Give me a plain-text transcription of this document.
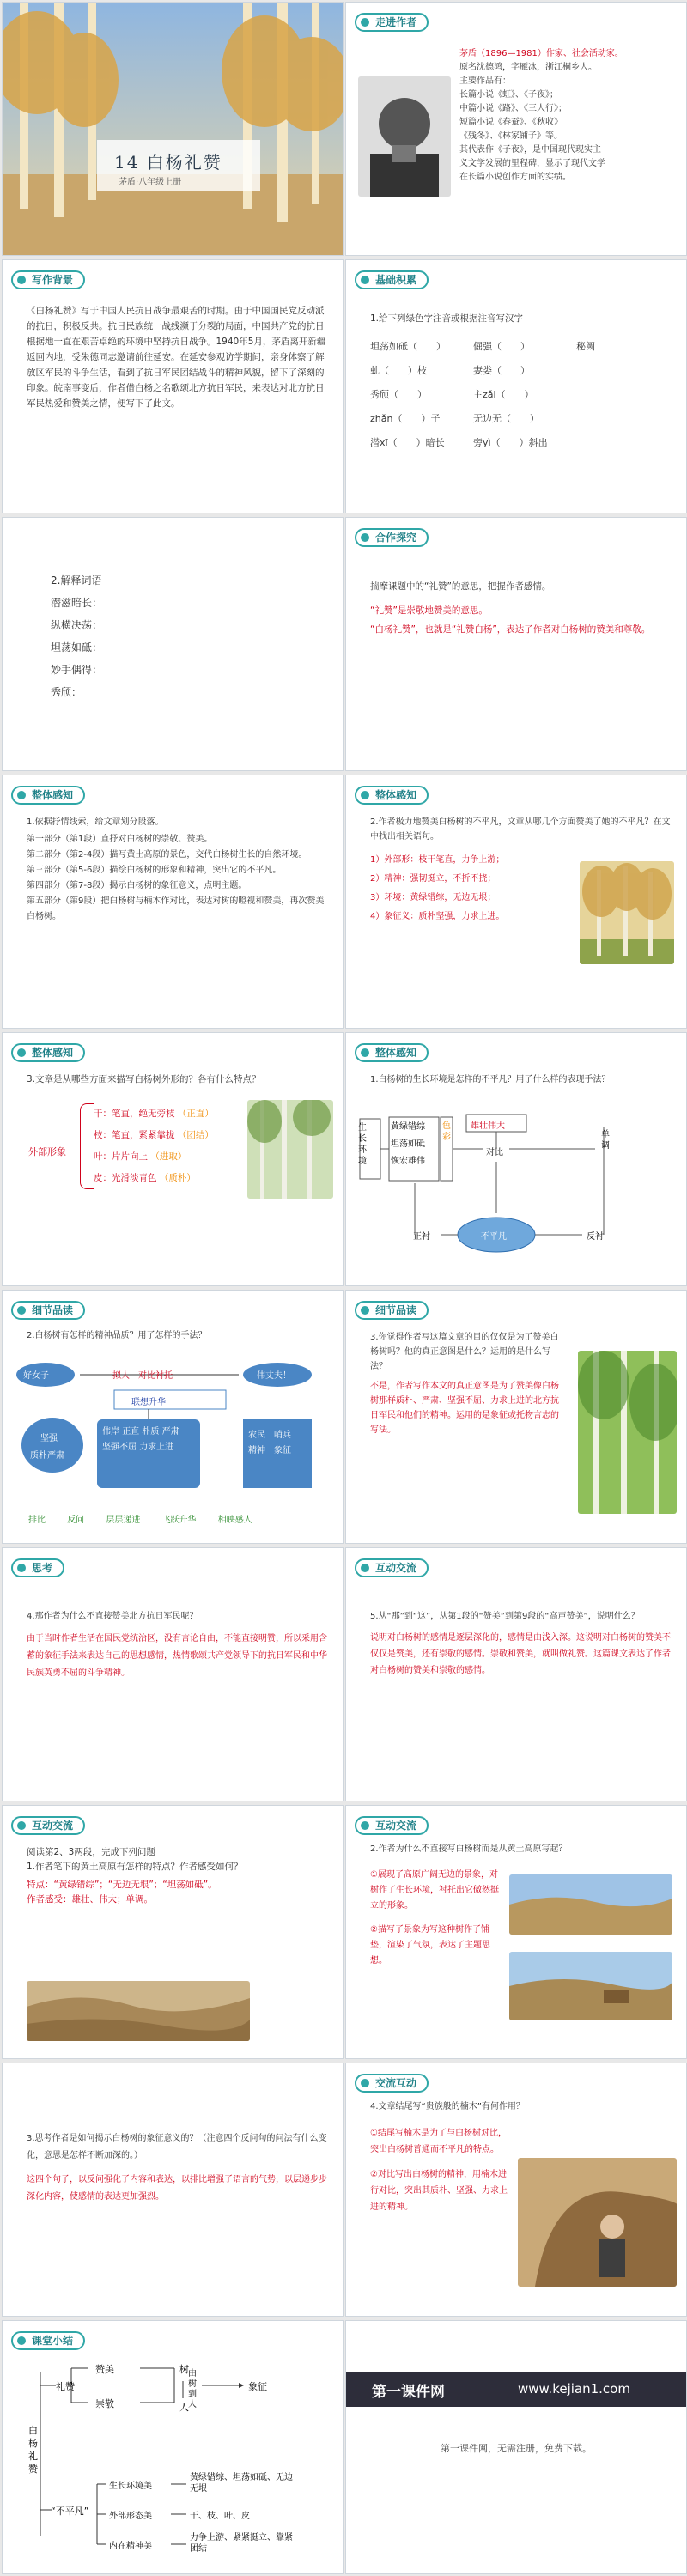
14 白杨礼赞
茅盾·八年级上册
走进作者
茅盾（1896—1981）作家、社会活动家。
原名沈德鸿，字雁冰，浙江桐乡人。
主要作品有：
长篇小说《虹》、《子夜》；
中篇小说《路》、《三人行》；
短篇小说《春蚕》、《秋收》
《残冬》、《林家铺子》等。
其代表作《子夜》，是中国现代现实主
义文学发展的里程碑，显示了现代文学
在长篇小说创作方面的实绩。
写作背景
《白杨礼赞》写于中国人民抗日战争最艰苦的时期。由于中国国民党反动派的抗日，积极反共。抗日民族统一战线濒于分裂的局面，中国共产党的抗日根据地一直在艰苦卓绝的环境中坚持抗日战争。1940年5月，茅盾离开新疆返回内地，受朱德同志邀请前往延安。在延安参观访学期间，亲身体察了解放区军民的斗争生活，看到了抗日军民团结战斗的精神风貌，留下了深刻的印象。皖南事变后，作者借白杨之名歌颂北方抗日军民，来表达对北方抗日军民热爱和赞美之情，便写下了此文。
基础积累
1.给下列绿色字注音或根据注音写汉字
坦荡如砥（　　）	倔强（　　）	秘阙
虬（　　）枝	妻娄（　　）
秀颀（　　）	主zǎi（　　）
zhǎn（　　）子	无边无（　　）
潜xī（　　）暗长	旁yì（　　）斜出
2.解释词语
潜滋暗长：
纵横决荡：
坦荡如砥：
妙手偶得：
秀颀：
合作探究
揣摩课题中的“礼赞”的意思，把握作者感情。
“礼赞”是崇敬地赞美的意思。
“白杨礼赞”，也就是“礼赞白杨”，表达了作者对白杨树的赞美和尊敬。
整体感知
1.依据抒情线索，给文章划分段落。
第一部分（第1段）直抒对白杨树的崇敬、赞美。
第二部分（第2-4段）描写黄土高原的景色，交代白杨树生长的自然环境。
第三部分（第5-6段）描绘白杨树的形象和精神，突出它的不平凡。
第四部分（第7-8段）揭示白杨树的象征意义，点明主题。
第五部分（第9段）把白杨树与楠木作对比，表达对树的瞪视和赞美，再次赞美白杨树。
整体感知
2.作者极力地赞美白杨树的不平凡，文章从哪几个方面赞美了她的不平凡？在文中找出相关语句。
1）外部形：枝干笔直，力争上游；
2）精神：强韧挺立，不折不挠；
3）环境：黄绿错综，无边无垠；
4）象征义：质朴坚强，力求上进。
整体感知
3.文章是从哪些方面来描写白杨树外形的？各有什么特点？
外部形象
干：笔直，绝无旁枝 （正直）
枝：笔直，紧紧靠拢 （团结）
叶：片片向上 （进取）
皮：光滑淡青色 （质朴）
整体感知
1.白杨树的生长环境是怎样的不平凡？用了什么样的表现手法？
生长环境
黄绿错综
坦荡如砥
恢宏雄伟
色彩
雄壮伟大
对比
单调
正衬	反衬
不平凡
细节品读
2.白杨树有怎样的精神品质？用了怎样的手法？
好女子	拟人　对比衬托	伟丈夫！
联想升华
坚强
质朴严肃
伟岸 正直 朴质 严肃 坚强不屈 力求上进
农民　哨兵　精神　象征
排比	反问	层层递进	飞跃升华	相映感人
细节品读
3.你觉得作者写这篇文章的目的仅仅是为了赞美白杨树吗？他的真正意图是什么？运用的是什么写法？
不是，作者写作本文的真正意图是为了赞美像白杨树那样质朴、严肃、坚强不屈、力求上进的北方抗日军民和他们的精神。运用的是象征或托物言志的写法。
思考
4.那作者为什么不直接赞美北方抗日军民呢？
由于当时作者生活在国民党统治区，没有言论自由，不能直接明赞，所以采用含蓄的象征手法来表达自己的思想感情，热情歌颂共产党领导下的抗日军民和中华民族英勇不屈的斗争精神。
互动交流
5.从“那”到“这”，从第1段的“赞美”到第9段的“高声赞美”，说明什么？
说明对白杨树的感情是逐层深化的，感情是由浅入深。这说明对白杨树的赞美不仅仅是赞美，还有崇敬的感情。崇敬和赞美，就叫做礼赞。这篇课文表达了作者对白杨树的赞美和崇敬的感情。
互动交流
阅读第2、3两段，完成下列问题
1.作者笔下的黄土高原有怎样的特点？作者感受如何？
特点：“黄绿错综”；“无边无垠”；“坦荡如砥”。
作者感受：雄壮、伟大；单调。
互动交流
2.作者为什么不直接写白杨树而是从黄土高原写起？
①展现了高原广阔无边的景象，对树作了生长环境，衬托出它傲然挺立的形象。
②描写了景象为写这种树作了铺垫，渲染了气氛，表达了主题思想。
3.思考作者是如何揭示白杨树的象征意义的？（注意四个反问句的问法有什么变化，意思是怎样不断加深的。）
这四个句子，以反问强化了内容和表达，以排比增强了语言的气势，以层递步步深化内容，使感情的表达更加强烈。
交流互动
4.文章结尾写“贵族般的楠木”有何作用？
①结尾写楠木是为了与白杨树对比，突出白杨树普通而不平凡的特点。
②对比写出白杨树的精神，用楠木进行对比，突出其质朴、坚强、力求上进的精神。
课堂小结
白杨礼赞
礼赞
赞美
崇敬
树
人
由树到人
象征
“不平凡”
生长环境美
黄绿错综、坦荡如砥、无边无垠
外部形态美	干、枝、叶、皮
内在精神美
力争上游、紧紧挺立、靠紧团结
第一课件网	www.kejian1.com
第一课件网，无需注册，免费下载。
